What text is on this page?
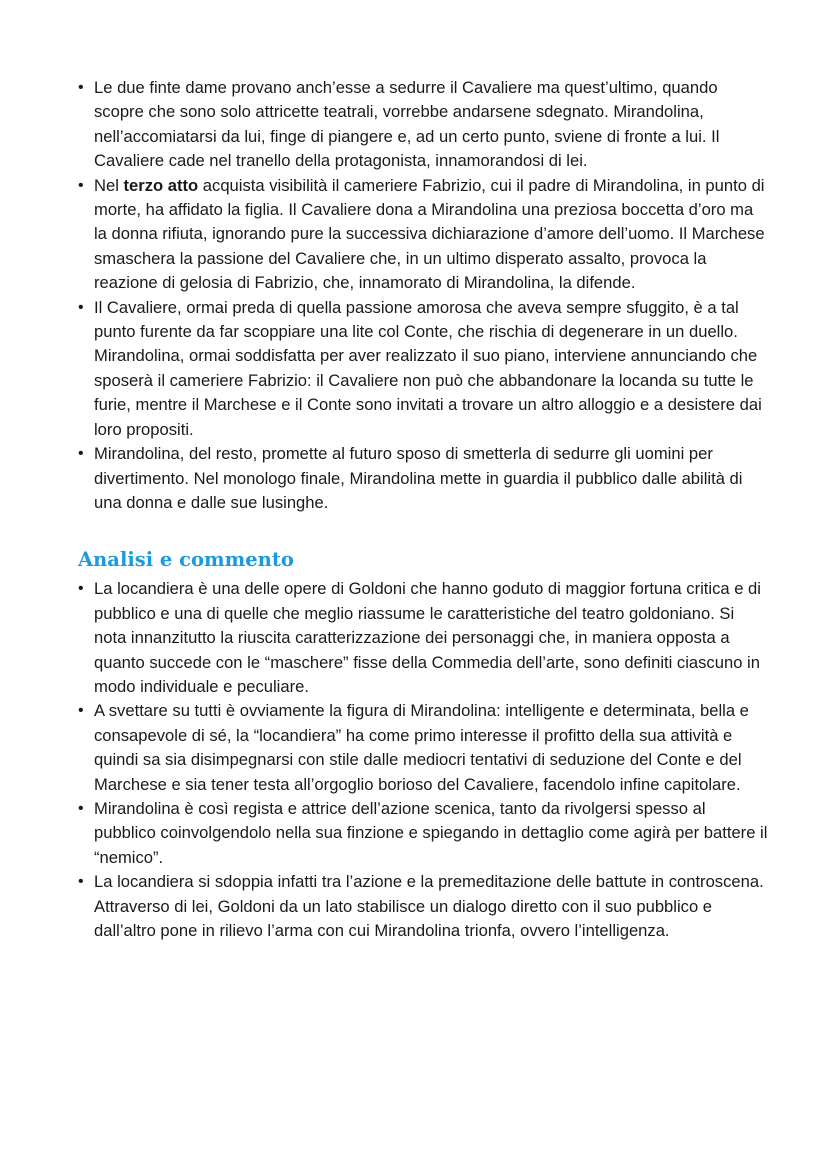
• Le due finte dame provano anch’esse a sedurre il Cavaliere ma quest’ultimo, quando scopre che sono solo attricette teatrali, vorrebbe andarsene sdegnato. Mirandolina, nell’accomiatarsi da lui, finge di piangere e, ad un certo punto, sviene di fronte a lui. Il Cavaliere cade nel tranello della protagonista, innamorandosi di lei.
• Nel terzo atto acquista visibilità il cameriere Fabrizio, cui il padre di Mirandolina, in punto di morte, ha affidato la figlia. Il Cavaliere dona a Mirandolina una preziosa boccetta d’oro ma la donna rifiuta, ignorando pure la successiva dichiarazione d’amore dell’uomo. Il Marchese smaschera la passione del Cavaliere che, in un ultimo disperato assalto, provoca la reazione di gelosia di Fabrizio, che, innamorato di Mirandolina, la difende.
• Il Cavaliere, ormai preda di quella passione amorosa che aveva sempre sfuggito, è a tal punto furente da far scoppiare una lite col Conte, che rischia di degenerare in un duello. Mirandolina, ormai soddisfatta per aver realizzato il suo piano, interviene annunciando che sposerà il cameriere Fabrizio: il Cavaliere non può che abbandonare la locanda su tutte le furie, mentre il Marchese e il Conte sono invitati a trovare un altro alloggio e a desistere dai loro propositi.
• Mirandolina, del resto, promette al futuro sposo di smetterla di sedurre gli uomini per divertimento. Nel monologo finale, Mirandolina mette in guardia il pubblico dalle abilità di una donna e dalle sue lusinghe.
Analisi e commento
• La locandiera è una delle opere di Goldoni che hanno goduto di maggior fortuna critica e di pubblico e una di quelle che meglio riassume le caratteristiche del teatro goldoniano. Si nota innanzitutto la riuscita caratterizzazione dei personaggi che, in maniera opposta a quanto succede con le “maschere” fisse della Commedia dell’arte, sono definiti ciascuno in modo individuale e peculiare.
• A svettare su tutti è ovviamente la figura di Mirandolina: intelligente e determinata, bella e consapevole di sé, la “locandiera” ha come primo interesse il profitto della sua attività e quindi sa sia disimpegnarsi con stile dalle mediocri tentativi di seduzione del Conte e del Marchese e sia tener testa all’orgoglio borioso del Cavaliere, facendolo infine capitolare.
• Mirandolina è così regista e attrice dell’azione scenica, tanto da rivolgersi spesso al pubblico coinvolgendolo nella sua finzione e spiegando in dettaglio come agirà per battere il “nemico”.
• La locandiera si sdoppia infatti tra l’azione e la premeditazione delle battute in controscena. Attraverso di lei, Goldoni da un lato stabilisce un dialogo diretto con il suo pubblico e dall’altro pone in rilievo l’arma con cui Mirandolina trionfa, ovvero l’intelligenza.
